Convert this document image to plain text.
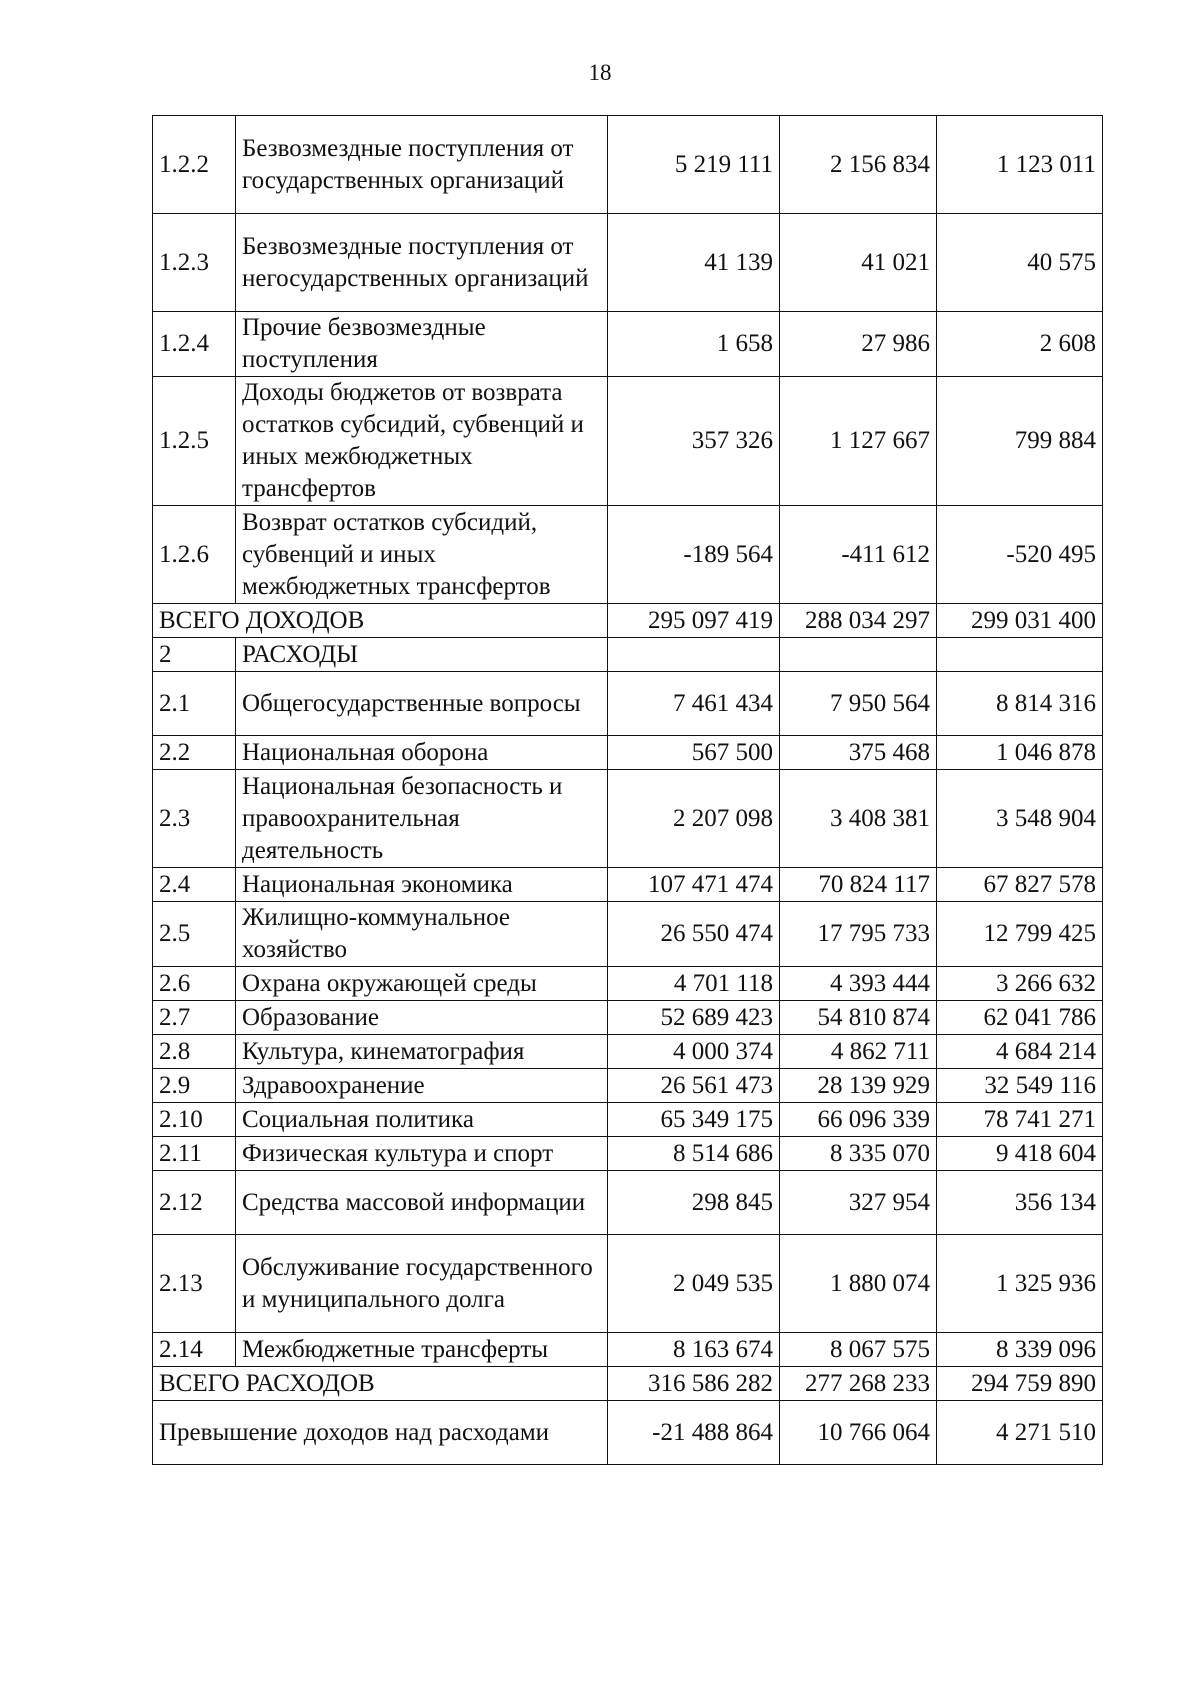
18
1.2.2	Безвозмездные поступления от государственных организаций	5 219 111	2 156 834	1 123 011
1.2.3	Безвозмездные поступления от негосударственных организаций	41 139	41 021	40 575
1.2.4	Прочие безвозмездные поступления	1 658	27 986	2 608
1.2.5	Доходы бюджетов от возврата остатков субсидий, субвенций и иных межбюджетных трансфертов	357 326	1 127 667	799 884
1.2.6	Возврат остатков субсидий, субвенций и иных межбюджетных трансфертов	-189 564	-411 612	-520 495
ВСЕГО ДОХОДОВ		295 097 419	288 034 297	299 031 400
2	РАСХОДЫ			
2.1	Общегосударственные вопросы	7 461 434	7 950 564	8 814 316
2.2	Национальная оборона	567 500	375 468	1 046 878
2.3	Национальная безопасность и правоохранительная деятельность	2 207 098	3 408 381	3 548 904
2.4	Национальная экономика	107 471 474	70 824 117	67 827 578
2.5	Жилищно-коммунальное хозяйство	26 550 474	17 795 733	12 799 425
2.6	Охрана окружающей среды	4 701 118	4 393 444	3 266 632
2.7	Образование	52 689 423	54 810 874	62 041 786
2.8	Культура, кинематография	4 000 374	4 862 711	4 684 214
2.9	Здравоохранение	26 561 473	28 139 929	32 549 116
2.10	Социальная политика	65 349 175	66 096 339	78 741 271
2.11	Физическая культура и спорт	8 514 686	8 335 070	9 418 604
2.12	Средства массовой информации	298 845	327 954	356 134
2.13	Обслуживание государственного и муниципального долга	2 049 535	1 880 074	1 325 936
2.14	Межбюджетные трансферты	8 163 674	8 067 575	8 339 096
ВСЕГО РАСХОДОВ		316 586 282	277 268 233	294 759 890
Превышение доходов над расходами		-21 488 864	10 766 064	4 271 510
